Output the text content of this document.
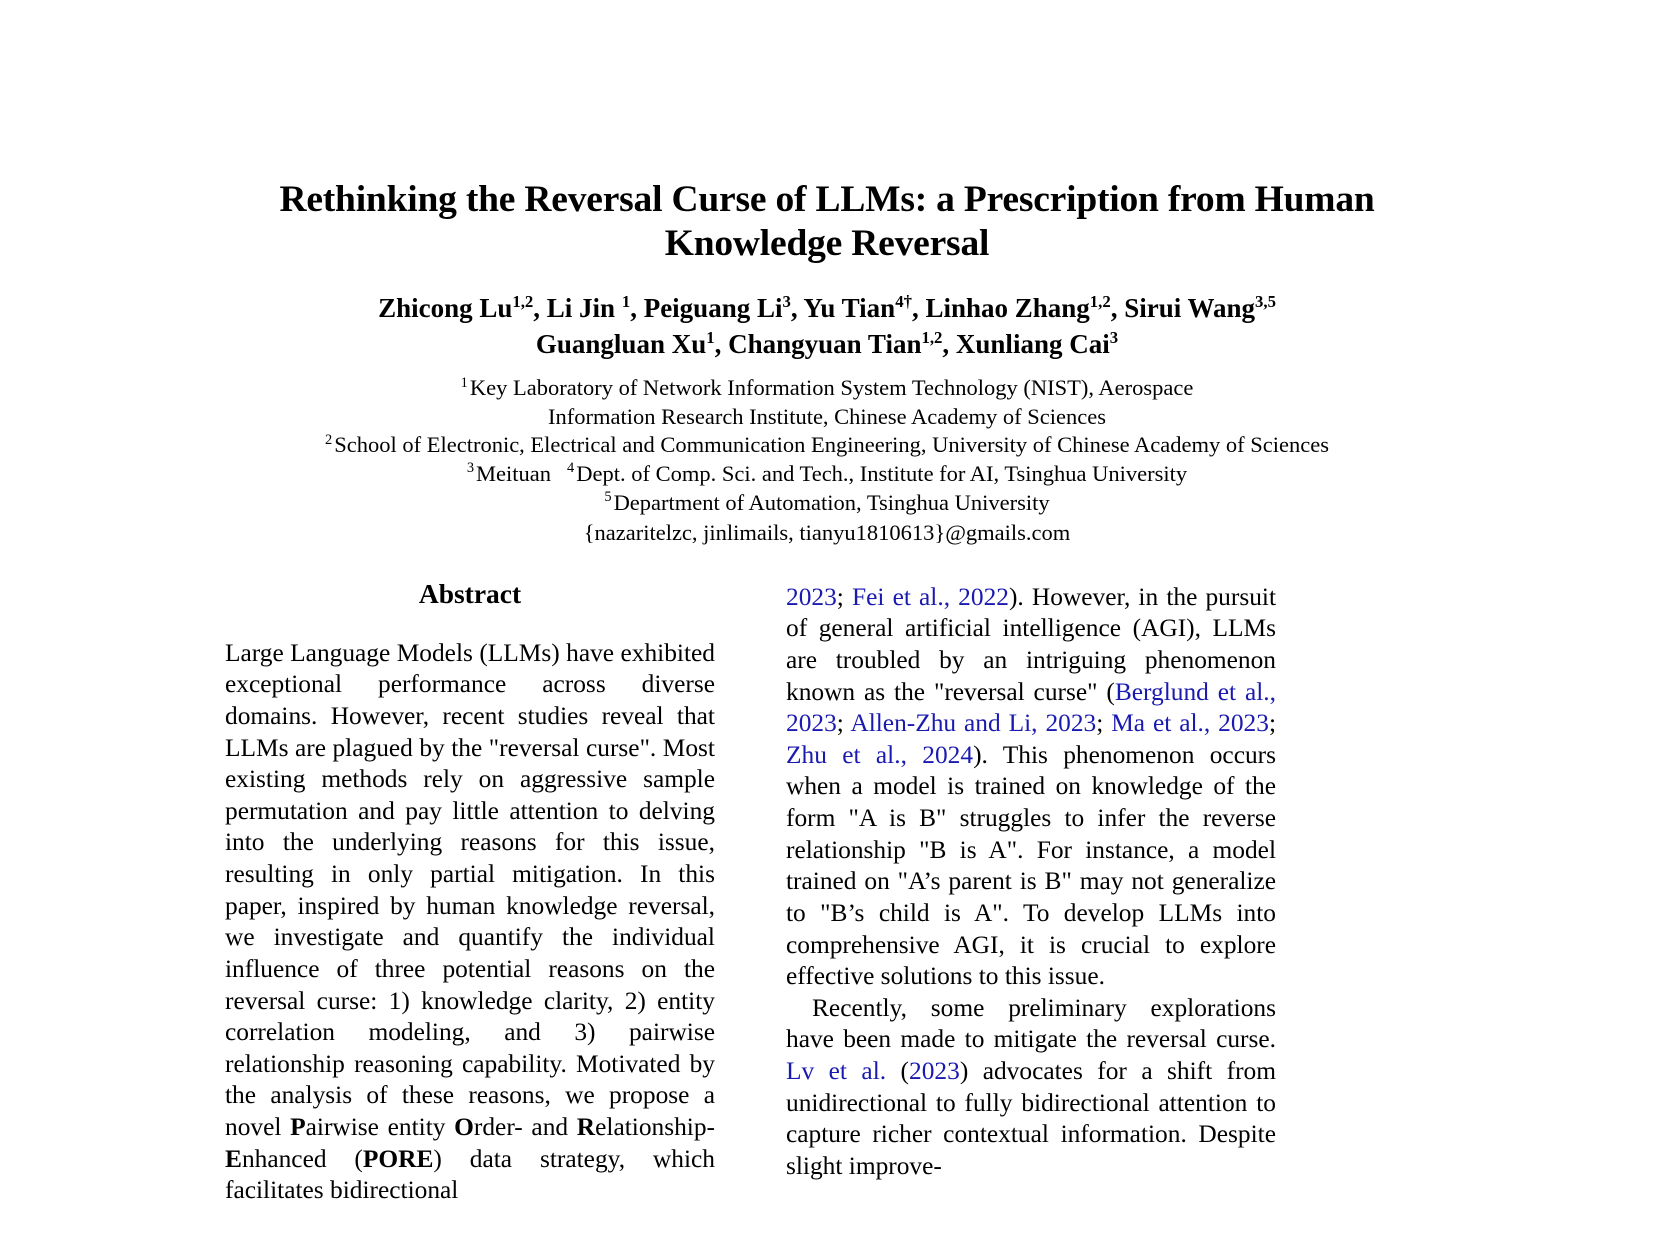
Rethinking the Reversal Curse of LLMs: a Prescription from Human Knowledge Reversal
Zhicong Lu$^{1,2}$, Li Jin $^1$, Peiguang Li$^3$, Yu Tian$^{4\dagger}$, Linhao Zhang$^{1,2}$, Sirui Wang$^{3,5}$
Guangluan Xu$^1$, Changyuan Tian$^{1,2}$, Xunliang Cai$^3$
$^1$Key Laboratory of Network Information System Technology (NIST), Aerospace
Information Research Institute, Chinese Academy of Sciences
$^2$School of Electronic, Electrical and Communication Engineering, University of Chinese Academy of Sciences
$^3$Meituan $^4$Dept. of Comp. Sci. and Tech., Institute for AI, Tsinghua University
$^5$Department of Automation, Tsinghua University
{nazaritelzc, jinlimails, tianyu1810613}@gmails.com
Abstract

Large Language Models (LLMs) have exhibited exceptional performance across diverse domains. However, recent studies reveal that LLMs are plagued by the "reversal curse". Most existing methods rely on aggressive sample permutation and pay little attention to delving into the underlying reasons for this issue, resulting in only partial mitigation. In this paper, inspired by human knowledge reversal, we investigate and quantify the individual influence of three potential reasons on the reversal curse: 1) knowledge clarity, 2) entity correlation modeling, and 3) pairwise relationship reasoning capability. Motivated by the analysis of these reasons, we propose a novel Pairwise entity Order- and Relationship-Enhanced (PORE) data strategy, which facilitates bidirectional

2023; Fei et al., 2022). However, in the pursuit of general artificial intelligence (AGI), LLMs are troubled by an intriguing phenomenon known as the "reversal curse" (Berglund et al., 2023; Allen-Zhu and Li, 2023; Ma et al., 2023; Zhu et al., 2024). This phenomenon occurs when a model is trained on knowledge of the form "A is B" struggles to infer the reverse relationship "B is A". For instance, a model trained on "A’s parent is B" may not generalize to "B’s child is A". To develop LLMs into comprehensive AGI, it is crucial to explore effective solutions to this issue.

Recently, some preliminary explorations have been made to mitigate the reversal curse. Lv et al. (2023) advocates for a shift from unidirectional to fully bidirectional attention to capture richer contextual information. Despite slight improve-
